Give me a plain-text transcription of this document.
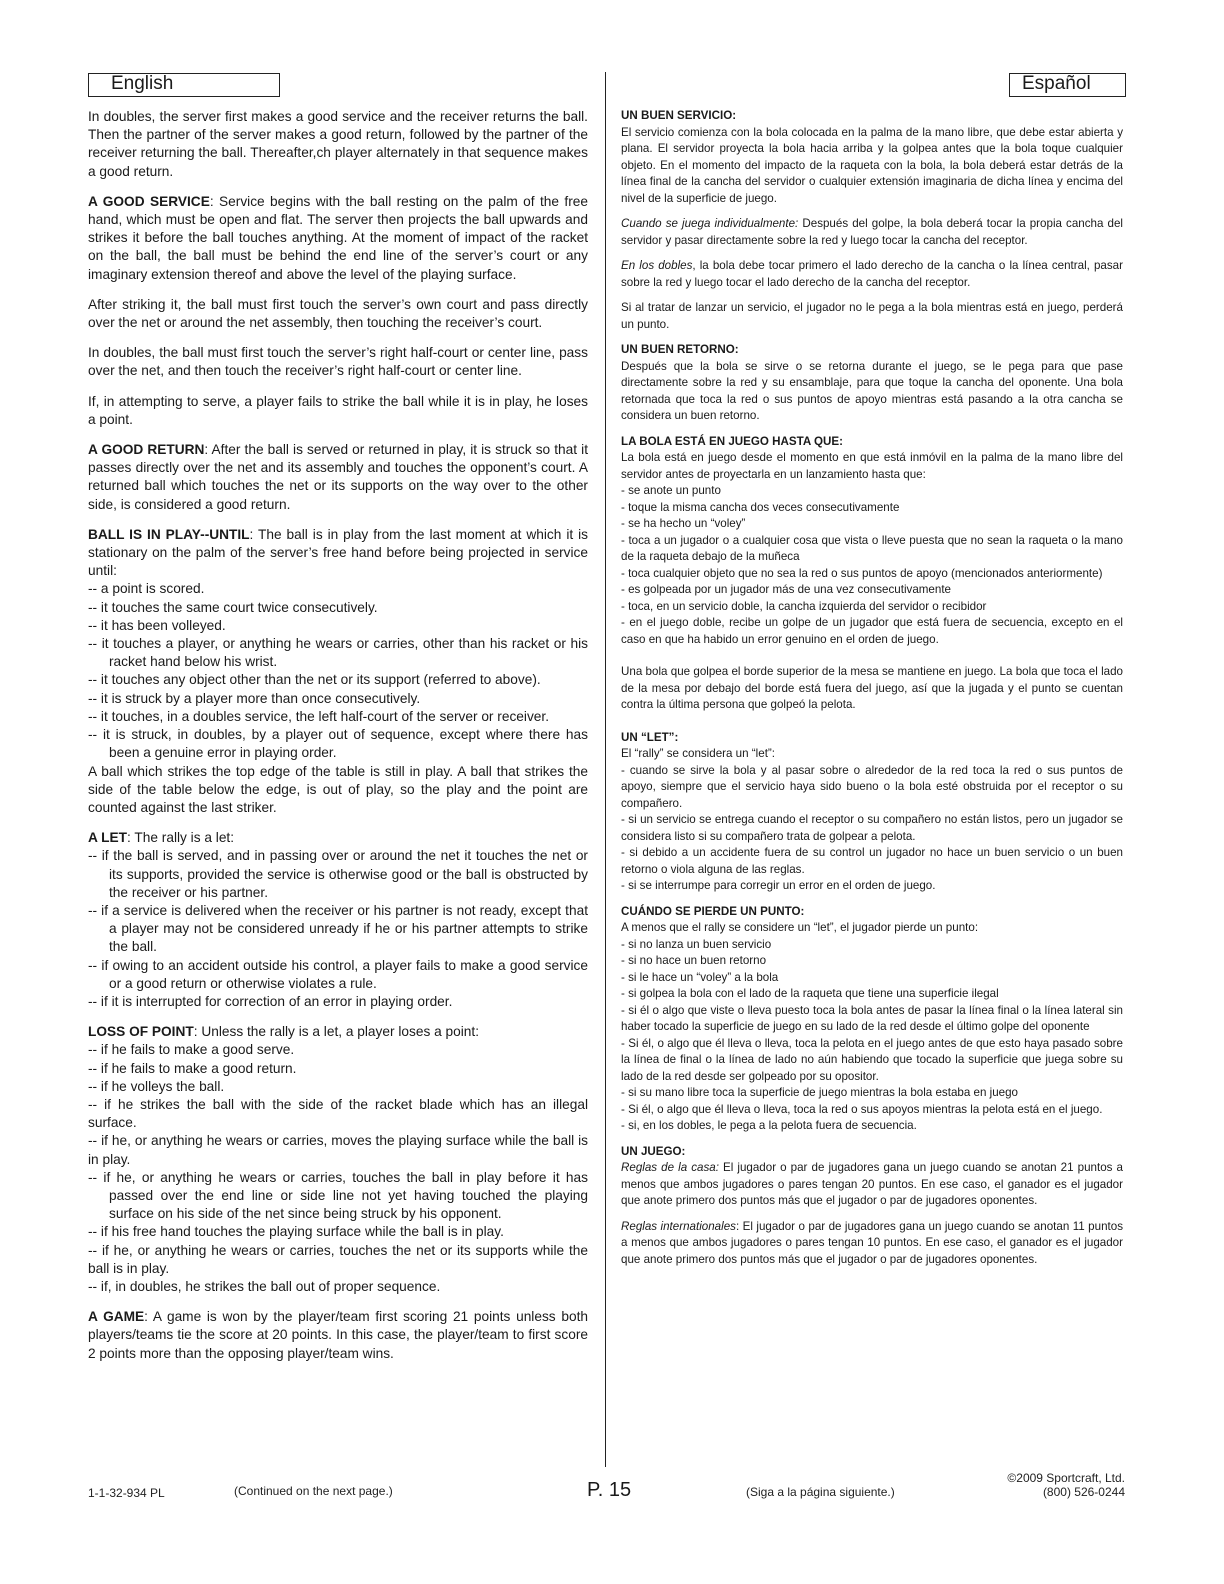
English	Español

In doubles, the server first makes a good service and the receiver returns the ball. Then the partner of the server makes a good return, followed by the partner of the receiver returning the ball. Thereafter,ch player alternately in that sequence makes a good return.

A GOOD SERVICE: Service begins with the ball resting on the palm of the free hand, which must be open and flat. The server then projects the ball upwards and strikes it before the ball touches anything. At the moment of impact of the racket on the ball, the ball must be behind the end line of the server’s court or any imaginary extension thereof and above the level of the playing surface.

After striking it, the ball must first touch the server’s own court and pass directly over the net or around the net assembly, then touching the receiver’s court.

In doubles, the ball must first touch the server’s right half-court or center line, pass over the net, and then touch the receiver’s right half-court or center line.

If, in attempting to serve, a player fails to strike the ball while it is in play, he loses a point.

A GOOD RETURN: After the ball is served or returned in play, it is struck so that it passes directly over the net and its assembly and touches the opponent’s court. A returned ball which touches the net or its supports on the way over to the other side, is considered a good return.

BALL IS IN PLAY--UNTIL: The ball is in play from the last moment at which it is stationary on the palm of the server’s free hand before being projected in service until:
-- a point is scored.
-- it touches the same court twice consecutively.
-- it has been volleyed.
-- it touches a player, or anything he wears or carries, other than his racket or his racket hand below his wrist.
-- it touches any object other than the net or its support (referred to above).
-- it is struck by a player more than once consecutively.
-- it touches, in a doubles service, the left half-court of the server or receiver.
-- it is struck, in doubles, by a player out of sequence, except where there has been a genuine error in playing order.
A ball which strikes the top edge of the table is still in play. A ball that strikes the side of the table below the edge, is out of play, so the play and the point are counted against the last striker.
A LET: The rally is a let:
-- if the ball is served, and in passing over or around the net it touches the net or its supports, provided the service is otherwise good or the ball is obstructed by the receiver or his partner.
-- if a service is delivered when the receiver or his partner is not ready, except that a player may not be considered unready if he or his partner attempts to strike the ball.
-- if owing to an accident outside his control, a player fails to make a good service or a good return or otherwise violates a rule.
-- if it is interrupted for correction of an error in playing order.
LOSS OF POINT: Unless the rally is a let, a player loses a point:
-- if he fails to make a good serve.
-- if he fails to make a good return.
-- if he volleys the ball.
-- if he strikes the ball with the side of the racket blade which has an illegal surface.
-- if he, or anything he wears or carries, moves the playing surface while the ball is in play.
-- if he, or anything he wears or carries, touches the ball in play before it has passed over the end line or side line not yet having touched the playing surface on his side of the net since being struck by his opponent.
-- if his free hand touches the playing surface while the ball is in play.
-- if he, or anything he wears or carries, touches the net or its supports while the ball is in play.
-- if, in doubles, he strikes the ball out of proper sequence.

A GAME: A game is won by the player/team first scoring 21 points unless both players/teams tie the score at 20 points. In this case, the player/team to first score 2 points more than the opposing player/team wins.

UN BUEN SERVICIO:

El servicio comienza con la bola colocada en la palma de la mano libre, que debe estar abierta y plana. El servidor proyecta la bola hacia arriba y la golpea antes que la bola toque cualquier objeto. En el momento del impacto de la raqueta con la bola, la bola deberá estar detrás de la línea final de la cancha del servidor o cualquier extensión imaginaria de dicha línea y encima del nivel de la superficie de juego.

Cuando se juega individualmente: Después del golpe, la bola deberá tocar la propia cancha del servidor y pasar directamente sobre la red y luego tocar la cancha del receptor.

En los dobles, la bola debe tocar primero el lado derecho de la cancha o la línea central, pasar sobre la red y luego tocar el lado derecho de la cancha del receptor.

Si al tratar de lanzar un servicio, el jugador no le pega a la bola mientras está en juego, perderá un punto.

UN BUEN RETORNO:

Después que la bola se sirve o se retorna durante el juego, se le pega para que pase directamente sobre la red y su ensamblaje, para que toque la cancha del oponente. Una bola retornada que toca la red o sus puntos de apoyo mientras está pasando a la otra cancha se considera un buen retorno.

LA BOLA ESTÁ EN JUEGO HASTA QUE:
La bola está en juego desde el momento en que está inmóvil en la palma de la mano libre del servidor antes de proyectarla en un lanzamiento hasta que:
- se anote un punto
- toque la misma cancha dos veces consecutivamente
- se ha hecho un “voley”
- toca a un jugador o a cualquier cosa que vista o lleve puesta que no sean la raqueta o la mano de la raqueta debajo de la muñeca
- toca cualquier objeto que no sea la red o sus puntos de apoyo (mencionados anteriormente)
- es golpeada por un jugador más de una vez consecutivamente
- toca, en un servicio doble, la cancha izquierda del servidor o recibidor
- en el juego doble, recibe un golpe de un jugador que está fuera de secuencia, excepto en el caso en que ha habido un error genuino en el orden de juego.

Una bola que golpea el borde superior de la mesa se mantiene en juego. La bola que toca el lado de la mesa por debajo del borde está fuera del juego, así que la jugada y el punto se cuentan contra la última persona que golpeó la pelota.

UN “LET”:
El “rally” se considera un “let”:
- cuando se sirve la bola y al pasar sobre o alrededor de la red toca la red o sus puntos de apoyo, siempre que el servicio haya sido bueno o la bola esté obstruida por el receptor o su compañero.
- si un servicio se entrega cuando el receptor o su compañero no están listos, pero un jugador se considera listo si su compañero trata de golpear a pelota.
- si debido a un accidente fuera de su control un jugador no hace un buen servicio o un buen retorno o viola alguna de las reglas.
- si se interrumpe para corregir un error en el orden de juego.
CUÁNDO SE PIERDE UN PUNTO:
A menos que el rally se considere un “let”, el jugador pierde un punto:
- si no lanza un buen servicio
- si no hace un buen retorno
- si le hace un “voley” a la bola
- si golpea la bola con el lado de la raqueta que tiene una superficie ilegal
- si él o algo que viste o lleva puesto toca la bola antes de pasar la línea final o la línea lateral sin haber tocado la superficie de juego en su lado de la red desde el último golpe del oponente
- Si él, o algo que él lleva o lleva, toca la pelota en el juego antes de que esto haya pasado sobre la línea de final o la línea de lado no aún habiendo que tocado la superficie que juega sobre su lado de la red desde ser golpeado por su opositor.
- si su mano libre toca la superficie de juego mientras la bola estaba en juego
- Si él, o algo que él lleva o lleva, toca la red o sus apoyos mientras la pelota está en el juego.
- si, en los dobles, le pega a la pelota fuera de secuencia.
UN JUEGO:

Reglas de la casa: El jugador o par de jugadores gana un juego cuando se anotan 21 puntos a menos que ambos jugadores o pares tengan 20 puntos. En ese caso, el ganador es el jugador que anote primero dos puntos más que el jugador o par de jugadores oponentes.

Reglas internationales: El jugador o par de jugadores gana un juego cuando se anotan 11 puntos a menos que ambos jugadores o pares tengan 10 puntos. En ese caso, el ganador es el jugador que anote primero dos puntos más que el jugador o par de jugadores oponentes.

1-1-32-934 PL	(Continued on the next page.)	P. 15	(Siga a la página siguiente.)
©2009 Sportcraft, Ltd.
(800) 526-0244
